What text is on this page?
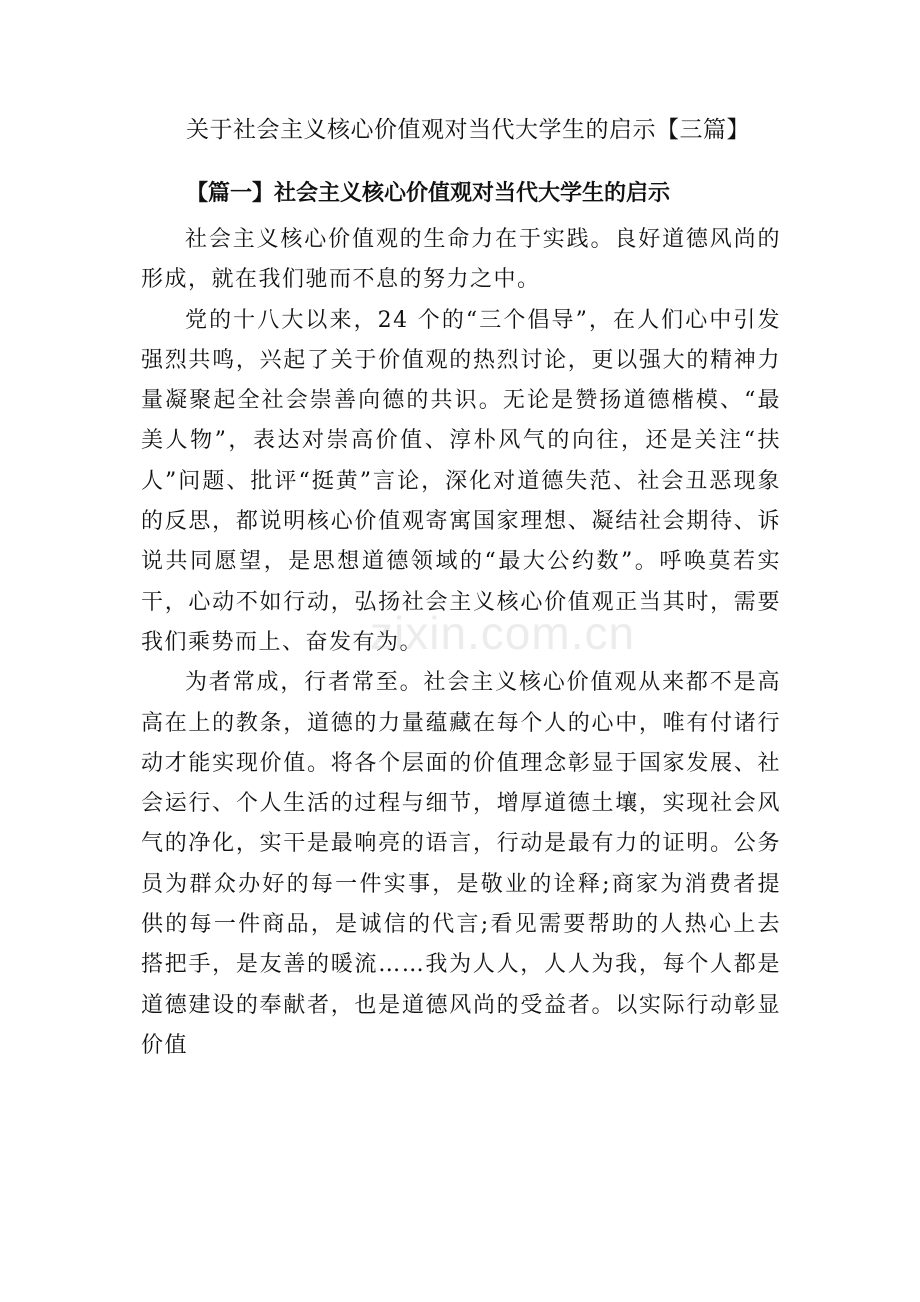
关于社会主义核心价值观对当代大学生的启示【三篇】
【篇一】社会主义核心价值观对当代大学生的启示

社会主义核心价值观的生命力在于实践。良好道德风尚的形成，就在我们驰而不息的努力之中。

党的十八大以来，24 个的“三个倡导”，在人们心中引发强烈共鸣，兴起了关于价值观的热烈讨论，更以强大的精神力量凝聚起全社会崇善向德的共识。无论是赞扬道德楷模、“最美人物”，表达对崇高价值、淳朴风气的向往，还是关注“扶人”问题、批评“挺黄”言论，深化对道德失范、社会丑恶现象的反思，都说明核心价值观寄寓国家理想、凝结社会期待、诉说共同愿望，是思想道德领域的“最大公约数”。呼唤莫若实干，心动不如行动，弘扬社会主义核心价值观正当其时，需要我们乘势而上、奋发有为。

为者常成，行者常至。社会主义核心价值观从来都不是高高在上的教条，道德的力量蕴藏在每个人的心中，唯有付诸行动才能实现价值。将各个层面的价值理念彰显于国家发展、社会运行、个人生活的过程与细节，增厚道德土壤，实现社会风气的净化，实干是最响亮的语言，行动是最有力的证明。公务员为群众办好的每一件实事，是敬业的诠释;商家为消费者提供的每一件商品，是诚信的代言;看见需要帮助的人热心上去搭把手，是友善的暖流……我为人人，人人为我，每个人都是道德建设的奉献者，也是道德风尚的受益者。以实际行动彰显价值

zixin.com.cn
